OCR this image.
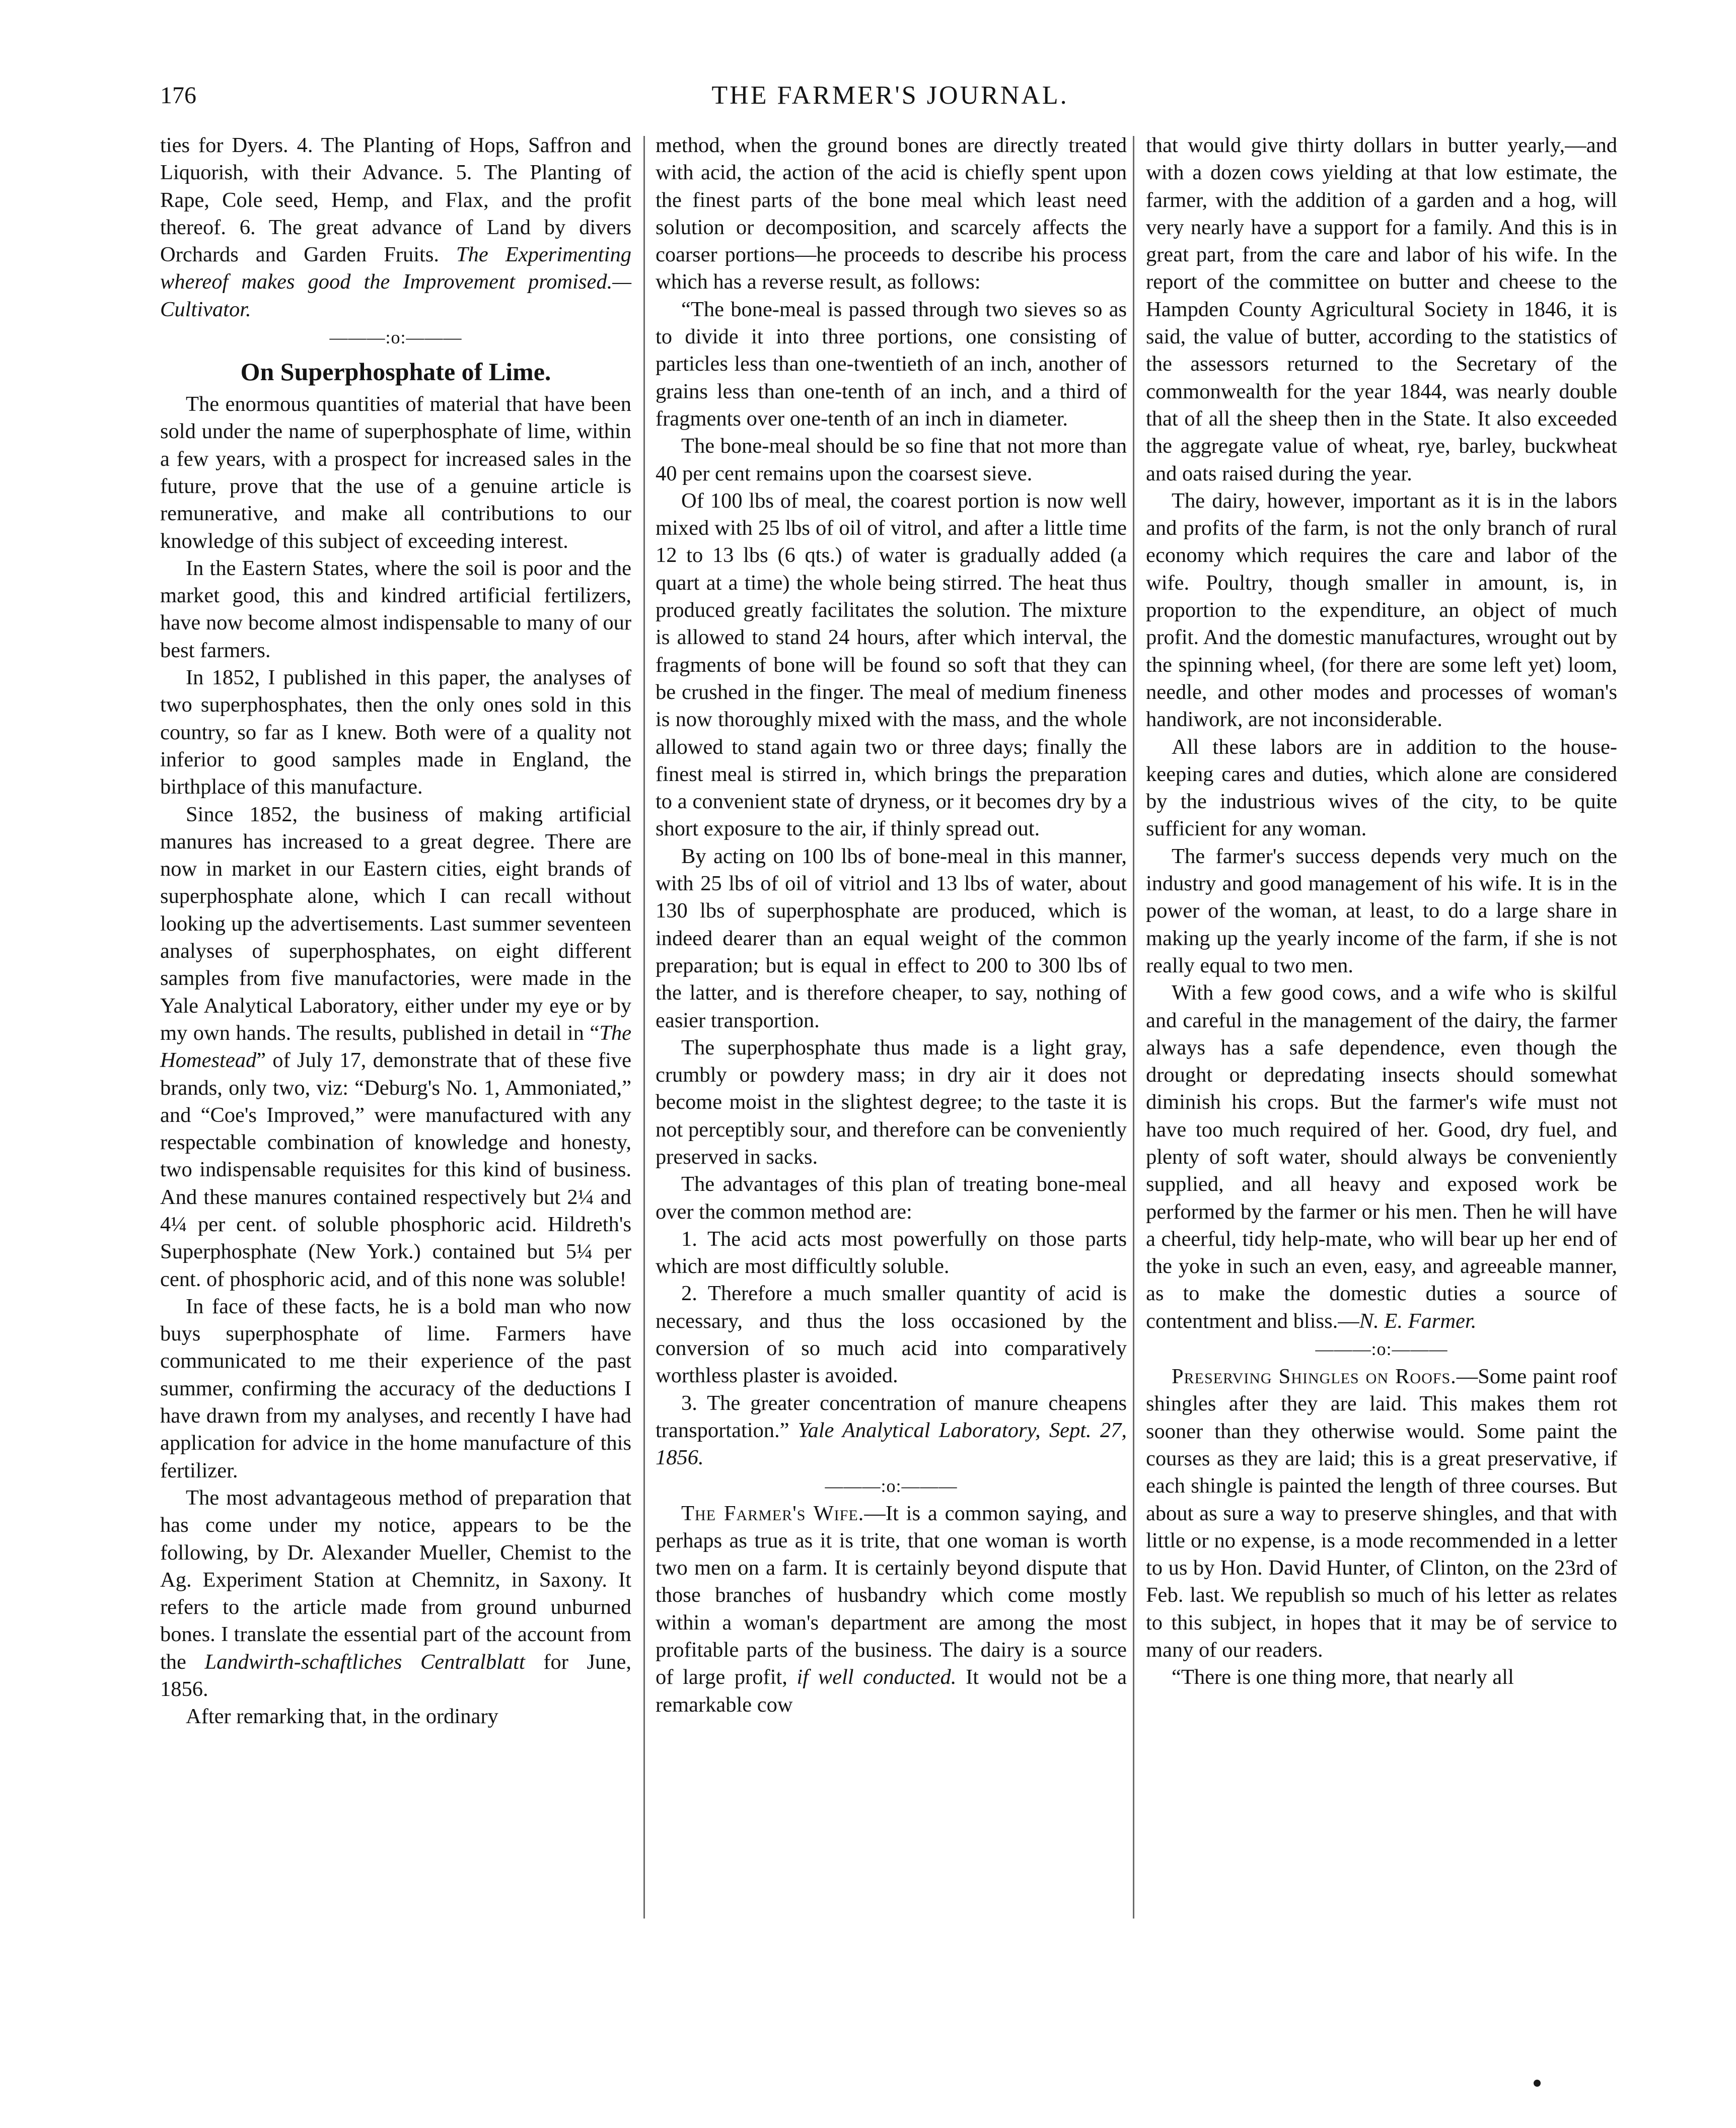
176	THE FARMER'S JOURNAL.

ties for Dyers. 4. The Planting of Hops, Saffron and Liquorish, with their Advance. 5. The Planting of Rape, Cole seed, Hemp, and Flax, and the profit thereof. 6. The great advance of Land by divers Orchards and Garden Fruits. The Experimenting whereof makes good the Improvement promised.— Cultivator.

———:o:———
On Superphosphate of Lime.

The enormous quantities of material that have been sold under the name of superphosphate of lime, within a few years, with a prospect for increased sales in the future, prove that the use of a genuine article is remunerative, and make all contributions to our knowledge of this subject of exceeding interest.

In the Eastern States, where the soil is poor and the market good, this and kindred artificial fertilizers, have now become almost indispensable to many of our best farmers.

In 1852, I published in this paper, the analyses of two superphosphates, then the only ones sold in this country, so far as I knew. Both were of a quality not inferior to good samples made in England, the birthplace of this manufacture.

Since 1852, the business of making artificial manures has increased to a great degree. There are now in market in our Eastern cities, eight brands of superphosphate alone, which I can recall without looking up the advertisements. Last summer seventeen analyses of superphosphates, on eight different samples from five manufactories, were made in the Yale Analytical Laboratory, either under my eye or by my own hands. The results, published in detail in “The Homestead” of July 17, demonstrate that of these five brands, only two, viz: “Deburg's No. 1, Ammoniated,” and “Coe's Improved,” were manufactured with any respectable combination of knowledge and honesty, two indispensable requisites for this kind of business. And these manures contained respectively but 2¼ and 4¼ per cent. of soluble phosphoric acid. Hildreth's Superphosphate (New York.) contained but 5¼ per cent. of phosphoric acid, and of this none was soluble!

In face of these facts, he is a bold man who now buys superphosphate of lime. Farmers have communicated to me their experience of the past summer, confirming the accuracy of the deductions I have drawn from my analyses, and recently I have had application for advice in the home manufacture of this fertilizer.

The most advantageous method of preparation that has come under my notice, appears to be the following, by Dr. Alexander Mueller, Chemist to the Ag. Experiment Station at Chemnitz, in Saxony. It refers to the article made from ground unburned bones. I translate the essential part of the account from the Landwirth-schaftliches Centralblatt for June, 1856.

After remarking that, in the ordinary

method, when the ground bones are directly treated with acid, the action of the acid is chiefly spent upon the finest parts of the bone meal which least need solution or decomposition, and scarcely affects the coarser portions—he proceeds to describe his process which has a reverse result, as follows:

“The bone-meal is passed through two sieves so as to divide it into three portions, one consisting of particles less than one-twentieth of an inch, another of grains less than one-tenth of an inch, and a third of fragments over one-tenth of an inch in diameter.

The bone-meal should be so fine that not more than 40 per cent remains upon the coarsest sieve.

Of 100 lbs of meal, the coarest portion is now well mixed with 25 lbs of oil of vitrol, and after a little time 12 to 13 lbs (6 qts.) of water is gradually added (a quart at a time) the whole being stirred. The heat thus produced greatly facilitates the solution. The mixture is allowed to stand 24 hours, after which interval, the fragments of bone will be found so soft that they can be crushed in the finger. The meal of medium fineness is now thoroughly mixed with the mass, and the whole allowed to stand again two or three days; finally the finest meal is stirred in, which brings the preparation to a convenient state of dryness, or it becomes dry by a short exposure to the air, if thinly spread out.

By acting on 100 lbs of bone-meal in this manner, with 25 lbs of oil of vitriol and 13 lbs of water, about 130 lbs of superphosphate are produced, which is indeed dearer than an equal weight of the common preparation; but is equal in effect to 200 to 300 lbs of the latter, and is therefore cheaper, to say, nothing of easier transportion.

The superphosphate thus made is a light gray, crumbly or powdery mass; in dry air it does not become moist in the slightest degree; to the taste it is not perceptibly sour, and therefore can be conveniently preserved in sacks.

The advantages of this plan of treating bone-meal over the common method are:

1. The acid acts most powerfully on those parts which are most difficultly soluble.

2. Therefore a much smaller quantity of acid is necessary, and thus the loss occasioned by the conversion of so much acid into comparatively worthless plaster is avoided.

3. The greater concentration of manure cheapens transportation.” Yale Analytical Laboratory, Sept. 27, 1856.

———:o:———

The Farmer's Wife.—It is a common saying, and perhaps as true as it is trite, that one woman is worth two men on a farm. It is certainly beyond dispute that those branches of husbandry which come mostly within a woman's department are among the most profitable parts of the business. The dairy is a source of large profit, if well conducted. It would not be a remarkable cow

that would give thirty dollars in butter yearly,—and with a dozen cows yielding at that low estimate, the farmer, with the addition of a garden and a hog, will very nearly have a support for a family. And this is in great part, from the care and labor of his wife. In the report of the committee on butter and cheese to the Hampden County Agricultural Society in 1846, it is said, the value of butter, according to the statistics of the assessors returned to the Secretary of the commonwealth for the year 1844, was nearly double that of all the sheep then in the State. It also exceeded the aggregate value of wheat, rye, barley, buckwheat and oats raised during the year.

The dairy, however, important as it is in the labors and profits of the farm, is not the only branch of rural economy which requires the care and labor of the wife. Poultry, though smaller in amount, is, in proportion to the expenditure, an object of much profit. And the domestic manufactures, wrought out by the spinning wheel, (for there are some left yet) loom, needle, and other modes and processes of woman's handiwork, are not inconsiderable.

All these labors are in addition to the house-keeping cares and duties, which alone are considered by the industrious wives of the city, to be quite sufficient for any woman.

The farmer's success depends very much on the industry and good management of his wife. It is in the power of the woman, at least, to do a large share in making up the yearly income of the farm, if she is not really equal to two men.

With a few good cows, and a wife who is skilful and careful in the management of the dairy, the farmer always has a safe dependence, even though the drought or depredating insects should somewhat diminish his crops. But the farmer's wife must not have too much required of her. Good, dry fuel, and plenty of soft water, should always be conveniently supplied, and all heavy and exposed work be performed by the farmer or his men. Then he will have a cheerful, tidy help-mate, who will bear up her end of the yoke in such an even, easy, and agreeable manner, as to make the domestic duties a source of contentment and bliss.—N. E. Farmer.

———:o:———

Preserving Shingles on Roofs.—Some paint roof shingles after they are laid. This makes them rot sooner than they otherwise would. Some paint the courses as they are laid; this is a great preservative, if each shingle is painted the length of three courses. But about as sure a way to preserve shingles, and that with little or no expense, is a mode recommended in a letter to us by Hon. David Hunter, of Clinton, on the 23rd of Feb. last. We republish so much of his letter as relates to this subject, in hopes that it may be of service to many of our readers.

“There is one thing more, that nearly all
